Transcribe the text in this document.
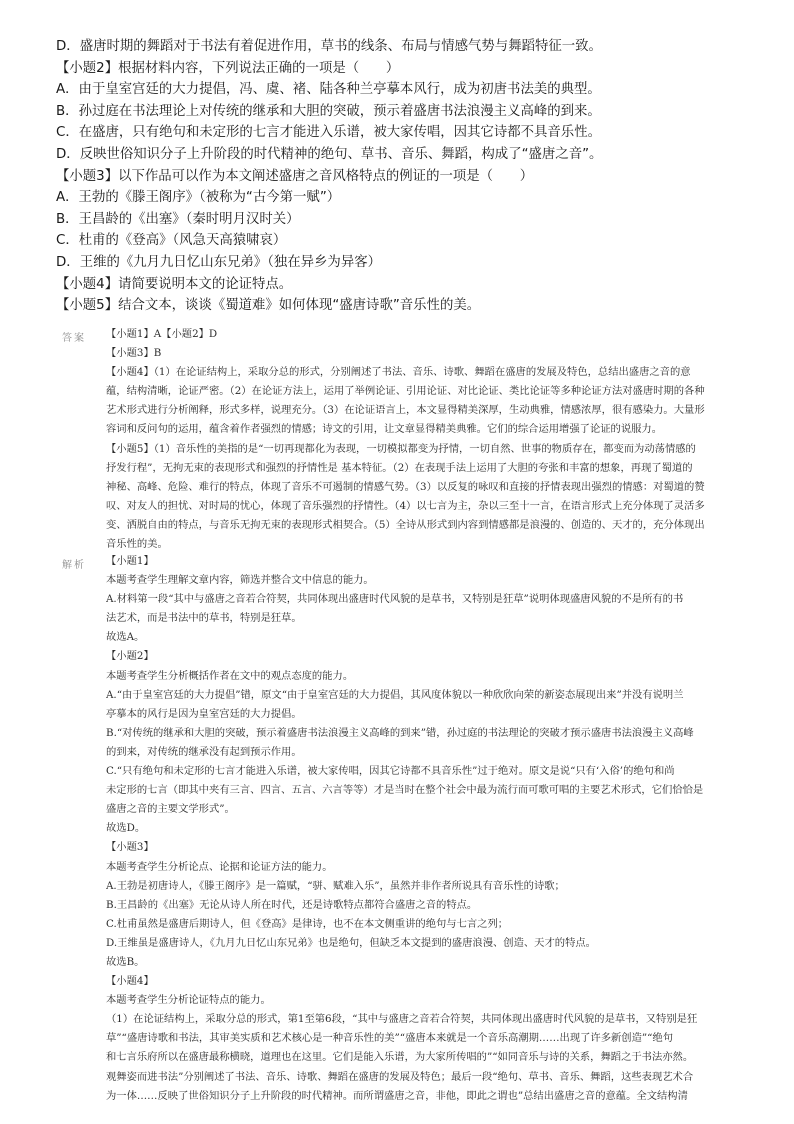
D．盛唐时期的舞蹈对于书法有着促进作用，草书的线条、布局与情感气势与舞蹈特征一致。
【小题2】根据材料内容，下列说法正确的一项是（　　）
A．由于皇室宫廷的大力提倡，冯、虞、褚、陆各种兰亭摹本风行，成为初唐书法美的典型。
B．孙过庭在书法理论上对传统的继承和大胆的突破，预示着盛唐书法浪漫主义高峰的到来。
C．在盛唐，只有绝句和未定形的七言才能进入乐谱，被大家传唱，因其它诗都不具音乐性。
D．反映世俗知识分子上升阶段的时代精神的绝句、草书、音乐、舞蹈，构成了“盛唐之音”。
【小题3】以下作品可以作为本文阐述盛唐之音风格特点的例证的一项是（　　）
A．王勃的《滕王阁序》（被称为“古今第一赋”）
B．王昌龄的《出塞》（秦时明月汉时关）
C．杜甫的《登高》（风急天高猿啸哀）
D．王维的《九月九日忆山东兄弟》（独在异乡为异客）
【小题4】请简要说明本文的论证特点。
【小题5】结合文本，谈谈《蜀道难》如何体现“盛唐诗歌”音乐性的美。
答案 【小题1】A【小题2】D
【小题3】B
【小题4】（1）在论证结构上，采取分总的形式，分别阐述了书法、音乐、诗歌、舞蹈在盛唐的发展及特色，总结出盛唐之音的意
蕴，结构清晰，论证严密。（2）在论证方法上，运用了举例论证、引用论证、对比论证、类比论证等多种论证方法对盛唐时期的各种
艺术形式进行分析阐释，形式多样，说理充分。（3）在论证语言上，本文显得精美深厚，生动典雅，情感浓厚，很有感染力。大量形
容词和反问句的运用，蕴含着作者强烈的情感；诗文的引用，让文章显得精美典雅。它们的综合运用增强了论证的说服力。
【小题5】（1）音乐性的美指的是“一切再现都化为表现，一切模拟都变为抒情，一切自然、世事的物质存在，都变而为动荡情感的
抒发行程”，无拘无束的表现形式和强烈的抒情性是 基本特征。（2）在表现手法上运用了大胆的夸张和丰富的想象，再现了蜀道的
神秘、高峰、危险、难行的特点，体现了音乐不可遏制的情感气势。（3）以反复的咏叹和直接的抒情表现出强烈的情感：对蜀道的赞
叹、对友人的担忧、对时局的忧心，体现了音乐强烈的抒情性。（4）以七言为主，杂以三至十一言，在语言形式上充分体现了灵活多
变、洒脱自由的特点，与音乐无拘无束的表现形式相契合。（5）全诗从形式到内容到情感都是浪漫的、创造的、天才的，充分体现出
音乐性的美。
解析 【小题1】
本题考查学生理解文章内容，筛选并整合文中信息的能力。
A.材料第一段“其中与盛唐之音若合符契，共同体现出盛唐时代风貌的是草书，又特别是狂草”说明体现盛唐风貌的不是所有的书
法艺术，而是书法中的草书，特别是狂草。
故选A。
【小题2】
本题考查学生分析概括作者在文中的观点态度的能力。
A.“由于皇室宫廷的大力提倡”错，原文“由于皇室宫廷的大力提倡，其风度体貌以一种欣欣向荣的新姿态展现出来”并没有说明兰
亭摹本的风行是因为皇室宫廷的大力提倡。
B.“对传统的继承和大胆的突破，预示着盛唐书法浪漫主义高峰的到来”错，孙过庭的书法理论的突破才预示盛唐书法浪漫主义高峰
的到来，对传统的继承没有起到预示作用。
C.“只有绝句和未定形的七言才能进入乐谱，被大家传唱，因其它诗都不具音乐性”过于绝对。原文是说“只有‘入俗’的绝句和尚
未定形的七言（即其中夹有三言、四言、五言、六言等等）才是当时在整个社会中最为流行而可歌可唱的主要艺术形式，它们恰恰是
盛唐之音的主要文学形式”。
故选D。
【小题3】
本题考查学生分析论点、论据和论证方法的能力。
A.王勃是初唐诗人，《滕王阁序》是一篇赋，“骈、赋难入乐”，虽然并非作者所说具有音乐性的诗歌；
B.王昌龄的《出塞》无论从诗人所在时代，还是诗歌特点都符合盛唐之音的特点。
C.杜甫虽然是盛唐后期诗人，但《登高》是律诗，也不在本文侧重讲的绝句与七言之列；
D.王维虽是盛唐诗人，《九月九日忆山东兄弟》也是绝句，但缺乏本文提到的盛唐浪漫、创造、天才的特点。
故选B。
【小题4】
本题考查学生分析论证特点的能力。
（1）在论证结构上，采取分总的形式，第1至第6段，“其中与盛唐之音若合符契，共同体现出盛唐时代风貌的是草书，又特别是狂
草”“盛唐诗歌和书法，其审美实质和艺术核心是一种音乐性的美”“盛唐本来就是一个音乐高潮期……出现了许多新创造”“绝句
和七言乐府所以在盛唐最称横晓，道理也在这里。它们是能入乐谱，为大家所传唱的”“如同音乐与诗的关系，舞蹈之于书法亦然。
观舞姿而进书法”分别阐述了书法、音乐、诗歌、舞蹈在盛唐的发展及特色；最后一段“绝句、草书、音乐、舞蹈，这些表现艺术合
为一体……反映了世俗知识分子上升阶段的时代精神。而所谓盛唐之音，非他，即此之谓也”总结出盛唐之音的意蕴。全文结构清
